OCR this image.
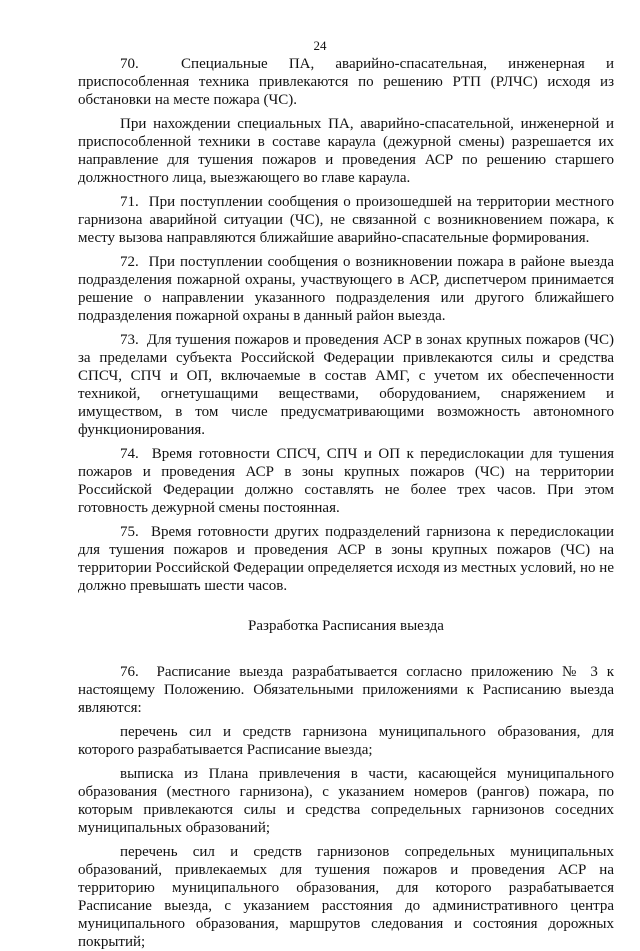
24

70.  Специальные ПА, аварийно-спасательная, инженерная и приспособленная техника привлекаются по решению РТП (РЛЧС) исходя из обстановки на месте пожара (ЧС).

При нахождении специальных ПА, аварийно-спасательной, инженерной и приспособленной техники в составе караула (дежурной смены) разрешается их направление для тушения пожаров и проведения АСР по решению старшего должностного лица, выезжающего во главе караула.

71.  При поступлении сообщения о произошедшей на территории местного гарнизона аварийной ситуации (ЧС), не связанной с возникновением пожара, к месту вызова направляются ближайшие аварийно-спасательные формирования.

72.  При поступлении сообщения о возникновении пожара в районе выезда подразделения пожарной охраны, участвующего в АСР, диспетчером принимается решение о направлении указанного подразделения или другого ближайшего подразделения пожарной охраны в данный район выезда.

73.  Для тушения пожаров и проведения АСР в зонах крупных пожаров (ЧС) за пределами субъекта Российской Федерации привлекаются силы и средства СПСЧ, СПЧ и ОП, включаемые в состав АМГ, с учетом их обеспеченности техникой, огнетушащими веществами, оборудованием, снаряжением и имуществом, в том числе предусматривающими возможность автономного функционирования.

74.  Время готовности СПСЧ, СПЧ и ОП к передислокации для тушения пожаров и проведения АСР в зоны крупных пожаров (ЧС) на территории Российской Федерации должно составлять не более трех часов. При этом готовность дежурной смены постоянная.

75.  Время готовности других подразделений гарнизона к передислокации для тушения пожаров и проведения АСР в зоны крупных пожаров (ЧС) на территории Российской Федерации определяется исходя из местных условий, но не должно превышать шести часов.

Разработка Расписания выезда

76.  Расписание выезда разрабатывается согласно приложению № 3 к настоящему Положению. Обязательными приложениями к Расписанию выезда являются:

перечень сил и средств гарнизона муниципального образования, для которого разрабатывается Расписание выезда;

выписка из Плана привлечения в части, касающейся муниципального образования (местного гарнизона), с указанием номеров (рангов) пожара, по которым привлекаются силы и средства сопредельных гарнизонов соседних муниципальных образований;

перечень сил и средств гарнизонов сопредельных муниципальных образований, привлекаемых для тушения пожаров и проведения АСР на территорию муниципального образования, для которого разрабатывается Расписание выезда, с указанием расстояния до административного центра муниципального образования, маршрутов следования и состояния дорожных покрытий;
